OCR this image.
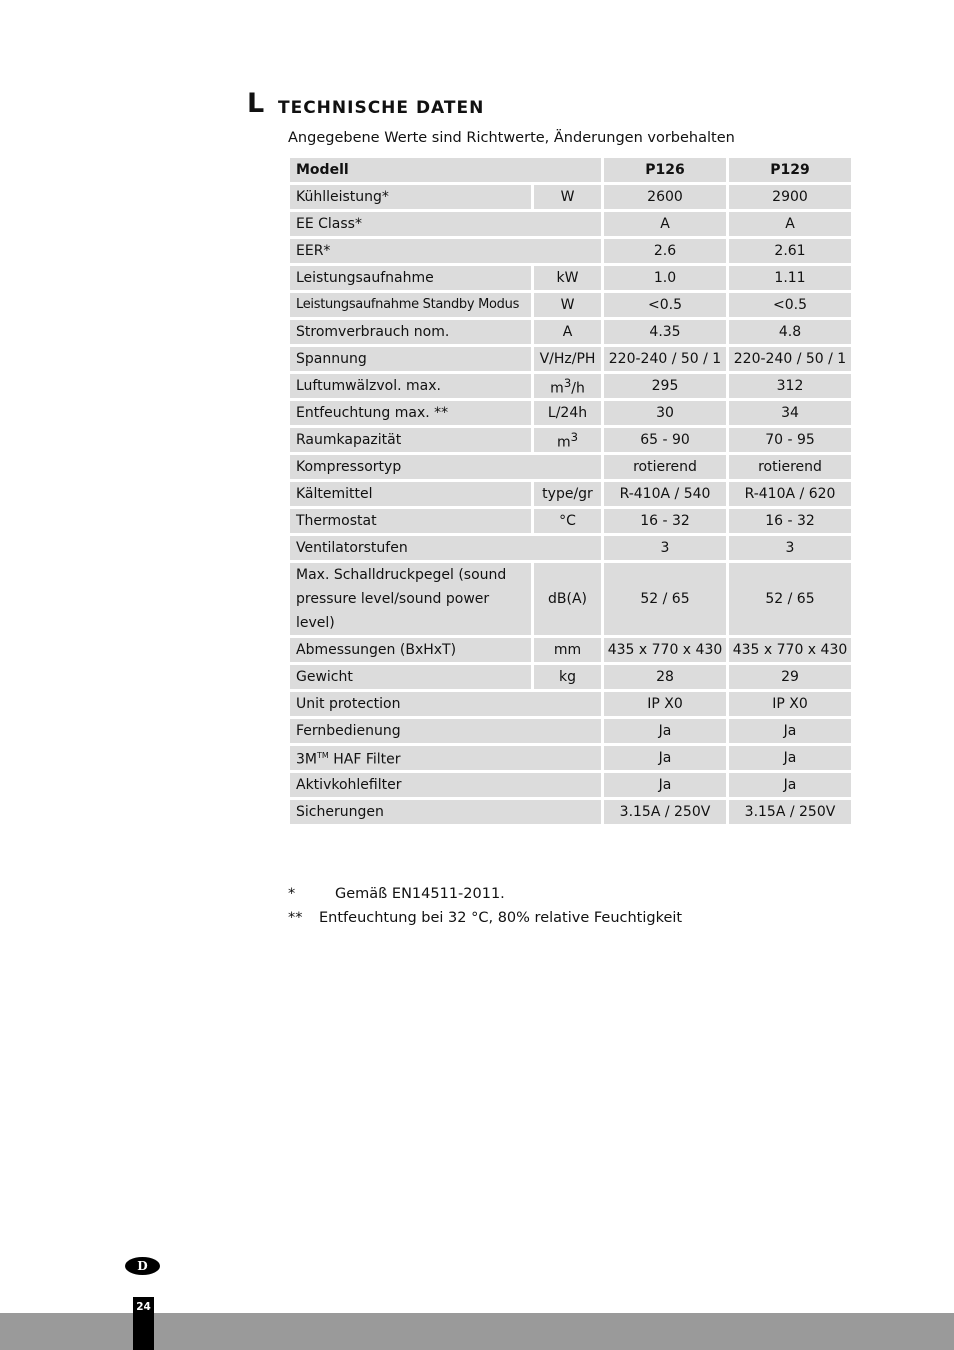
L TECHNISCHE DATEN
Angegebene Werte sind Richtwerte, Änderungen vorbehalten
Modell		P126	P129
Kühlleistung*	W	2600	2900
EE Class*		A	A
EER*		2.6	2.61
Leistungsaufnahme	kW	1.0	1.11
Leistungsaufnahme Standby Modus	W	<0.5	<0.5
Stromverbrauch nom.	A	4.35	4.8
Spannung	V/Hz/PH	220-240 / 50 / 1	220-240 / 50 / 1
Luftumwälzvol. max.	$m^3/h$	295	312
Entfeuchtung max. **	L/24h	30	34
Raumkapazität	$m^3$	65 - 90	70 - 95
Kompressortyp		rotierend	rotierend
Kältemittel	type/gr	R-410A / 540	R-410A / 620
Thermostat	°C	16 - 32	16 - 32
Ventilatorstufen		3	3
Max. Schalldruckpegel (sound pressure level/sound power level)	dB(A)	52 / 65	52 / 65
Abmessungen (BxHxT)	mm	435 x 770 x 430	435 x 770 x 430
Gewicht	kg	28	29
Unit protection		IP X0	IP X0
Fernbedienung		Ja	Ja
3M™ HAF Filter		Ja	Ja
Aktivkohlefilter		Ja	Ja
Sicherungen		3.15A / 250V	3.15A / 250V
*	Gemäß EN14511-2011.
** Entfeuchtung bei 32 °C, 80% relative Feuchtigkeit
D
24
